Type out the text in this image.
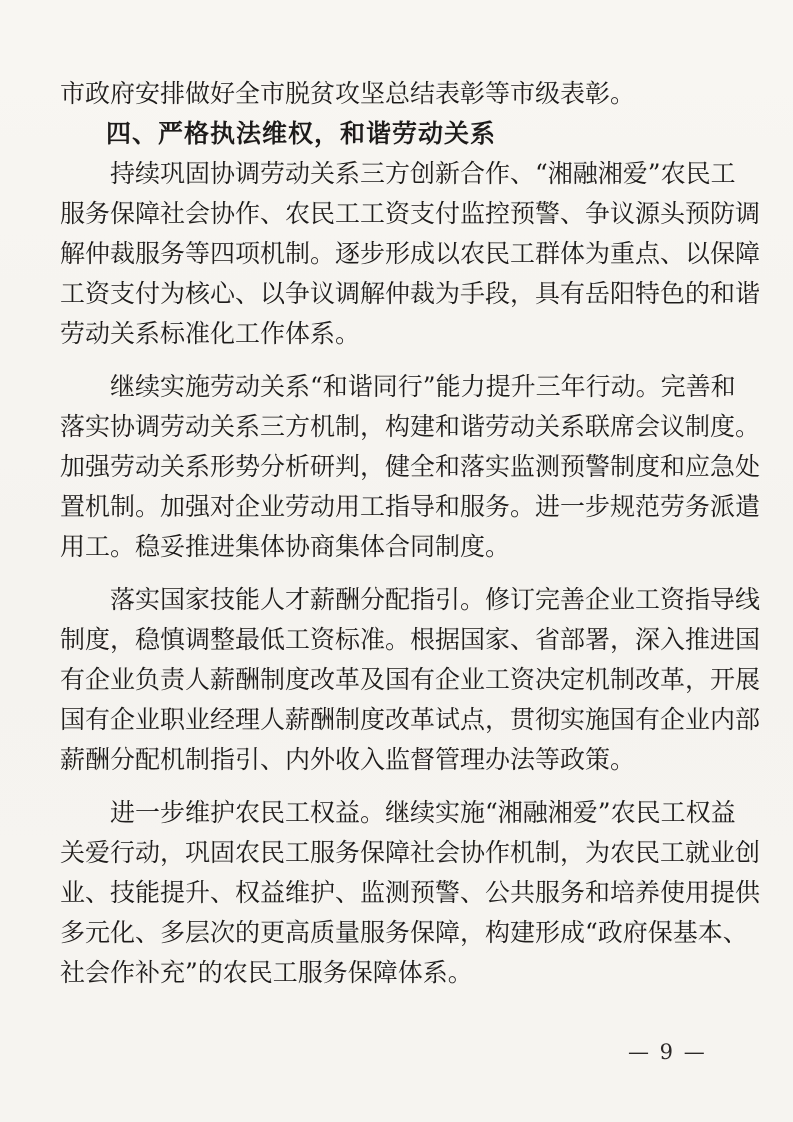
市政府安排做好全市脱贫攻坚总结表彰等市级表彰。
四、严格执法维权，和谐劳动关系
持续巩固协调劳动关系三方创新合作、“湘融湘爱”农民工
服务保障社会协作、农民工工资支付监控预警、争议源头预防调
解仲裁服务等四项机制。逐步形成以农民工群体为重点、以保障
工资支付为核心、以争议调解仲裁为手段，具有岳阳特色的和谐
劳动关系标准化工作体系。
继续实施劳动关系“和谐同行”能力提升三年行动。完善和
落实协调劳动关系三方机制，构建和谐劳动关系联席会议制度。
加强劳动关系形势分析研判，健全和落实监测预警制度和应急处
置机制。加强对企业劳动用工指导和服务。进一步规范劳务派遣
用工。稳妥推进集体协商集体合同制度。
落实国家技能人才薪酬分配指引。修订完善企业工资指导线
制度，稳慎调整最低工资标准。根据国家、省部署，深入推进国
有企业负责人薪酬制度改革及国有企业工资决定机制改革，开展
国有企业职业经理人薪酬制度改革试点，贯彻实施国有企业内部
薪酬分配机制指引、内外收入监督管理办法等政策。
进一步维护农民工权益。继续实施“湘融湘爱”农民工权益
关爱行动，巩固农民工服务保障社会协作机制，为农民工就业创
业、技能提升、权益维护、监测预警、公共服务和培养使用提供
多元化、多层次的更高质量服务保障，构建形成“政府保基本、
社会作补充”的农民工服务保障体系。
— 9 —
